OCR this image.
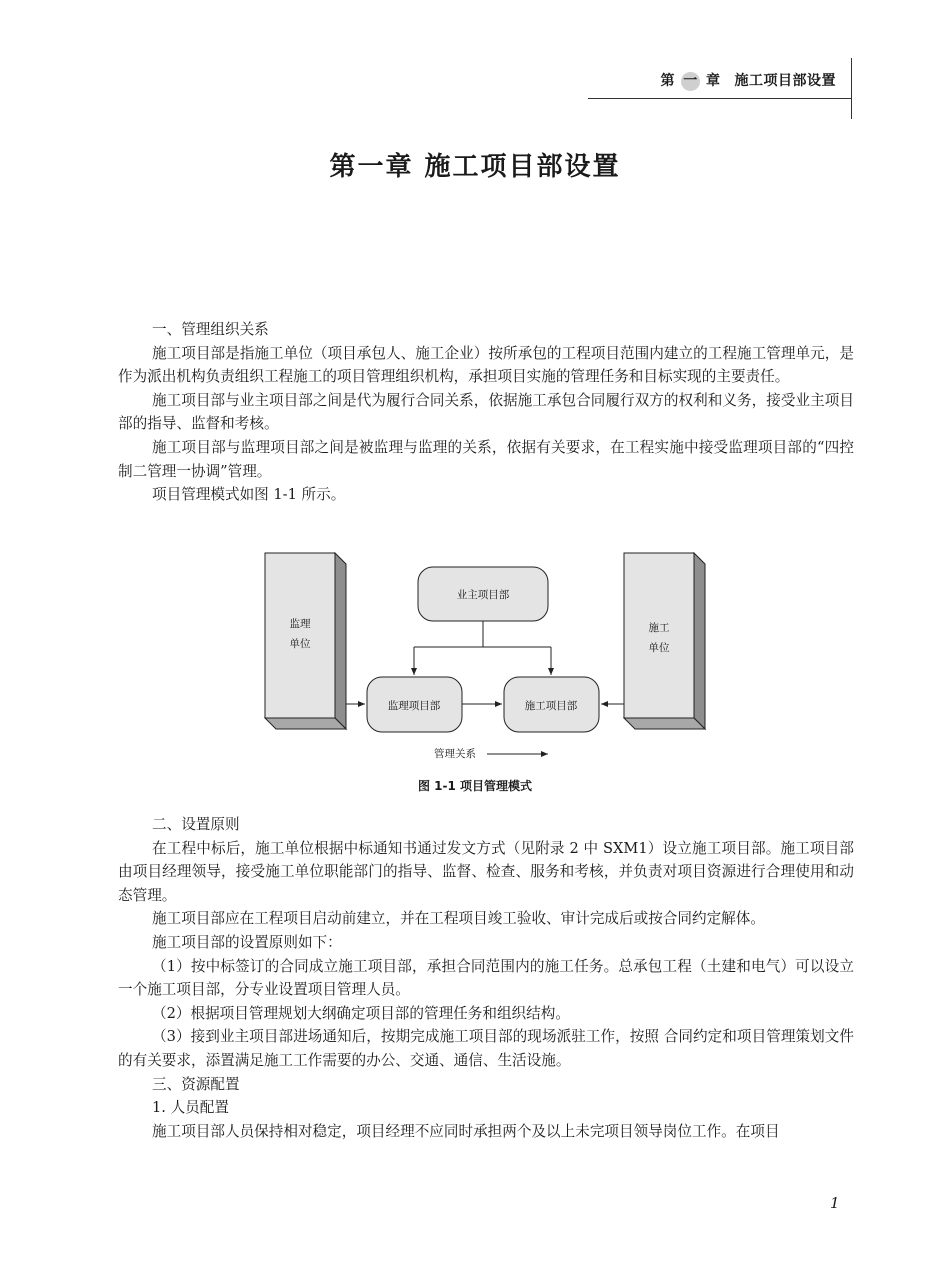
第 一 章 施工项目部设置
第一章 施工项目部设置
一、管理组织关系

施工项目部是指施工单位（项目承包人、施工企业）按所承包的工程项目范围内建立的工程施工管理单元，是作为派出机构负责组织工程施工的项目管理组织机构，承担项目实施的管理任务和目标实现的主要责任。

施工项目部与业主项目部之间是代为履行合同关系，依据施工承包合同履行双方的权利和义务，接受业主项目部的指导、监督和考核。

施工项目部与监理项目部之间是被监理与监理的关系，依据有关要求，在工程实施中接受监理项目部的“四控制二管理一协调”管理。

项目管理模式如图 1-1 所示。

监理
单位
施工
单位
业主项目部
监理项目部	施工项目部
管理关系
图 1-1 项目管理模式
二、设置原则

在工程中标后，施工单位根据中标通知书通过发文方式（见附录 2 中 SXM1）设立施工项目部。施工项目部由项目经理领导，接受施工单位职能部门的指导、监督、检查、服务和考核，并负责对项目资源进行合理使用和动态管理。

施工项目部应在工程项目启动前建立，并在工程项目竣工验收、审计完成后或按合同约定解体。

施工项目部的设置原则如下：

（1）按中标签订的合同成立施工项目部，承担合同范围内的施工任务。总承包工程（土建和电气）可以设立一个施工项目部，分专业设置项目管理人员。

（2）根据项目管理规划大纲确定项目部的管理任务和组织结构。

（3）接到业主项目部进场通知后，按期完成施工项目部的现场派驻工作，按照 合同约定和项目管理策划文件的有关要求，添置满足施工工作需要的办公、交通、通信、生活设施。

三、资源配置

1. 人员配置

施工项目部人员保持相对稳定，项目经理不应同时承担两个及以上未完项目领导岗位工作。在项目

1
